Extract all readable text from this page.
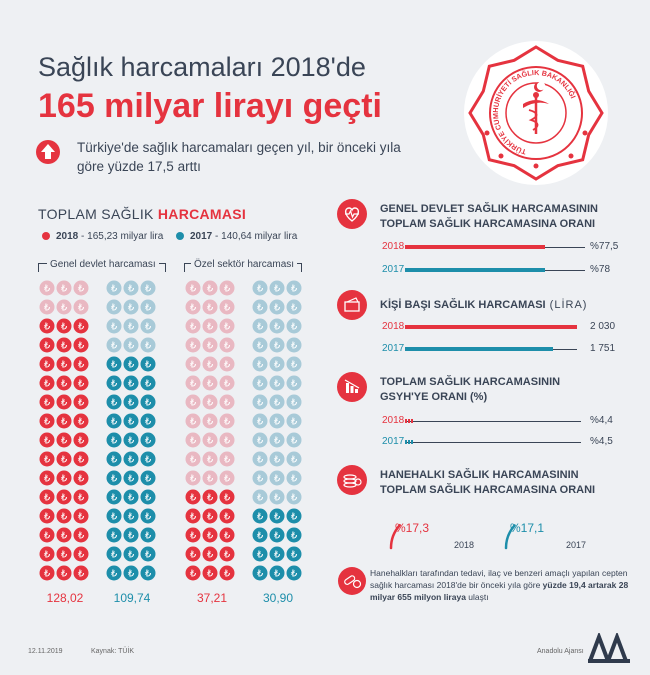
Sağlık harcamaları 2018'de
165 milyar lirayı geçti
Türkiye'de sağlık harcamaları geçen yıl, bir önceki yıla göre yüzde 17,5 arttı
TÜRKİYE CUMHURİYETİ SAĞLIK BAKANLIĞI
TOPLAM SAĞLIK HARCAMASI
2018 - 165,23 milyar lira	2017 - 140,64 milyar lira
Genel devlet harcaması	Özel sektör harcaması
₺ ₺ ₺
₺ ₺ ₺
₺ ₺ ₺
₺ ₺ ₺
₺ ₺ ₺
₺ ₺ ₺
₺ ₺ ₺
₺ ₺ ₺
₺ ₺ ₺
₺ ₺ ₺
₺ ₺ ₺
₺ ₺ ₺
₺ ₺ ₺
₺ ₺ ₺
₺ ₺ ₺
₺ ₺ ₺
₺ ₺ ₺
₺ ₺ ₺
₺ ₺ ₺
₺ ₺ ₺
₺ ₺ ₺
₺ ₺ ₺
₺ ₺ ₺
₺ ₺ ₺
₺ ₺ ₺
₺ ₺ ₺
₺ ₺ ₺
₺ ₺ ₺
₺ ₺ ₺
₺ ₺ ₺
₺ ₺ ₺
₺ ₺ ₺
₺ ₺ ₺
₺ ₺ ₺
₺ ₺ ₺
₺ ₺ ₺
₺ ₺ ₺
₺ ₺ ₺
₺ ₺ ₺
₺ ₺ ₺
₺ ₺ ₺
₺ ₺ ₺
₺ ₺ ₺
₺ ₺ ₺
₺ ₺ ₺
₺ ₺ ₺
₺ ₺ ₺
₺ ₺ ₺
₺ ₺ ₺
₺ ₺ ₺
₺ ₺ ₺
₺ ₺ ₺
₺ ₺ ₺
₺ ₺ ₺
₺ ₺ ₺
₺ ₺ ₺
₺ ₺ ₺
₺ ₺ ₺
₺ ₺ ₺
₺ ₺ ₺
₺ ₺ ₺
₺ ₺ ₺
₺ ₺ ₺
₺ ₺ ₺
128,02	109,74	37,21	30,90
GENEL DEVLET SAĞLIK HARCAMASININ
TOPLAM SAĞLIK HARCAMASINA ORANI
2018	%77,5
2017	%78
KİŞİ BAŞI SAĞLIK HARCAMASI (LİRA)
2018	2 030
2017	1 751
TOPLAM SAĞLIK HARCAMASININ
GSYH'YE ORANI (%)
2018	%4,4
2017	%4,5
HANEHALKI SAĞLIK HARCAMASININ
TOPLAM SAĞLIK HARCAMASINA ORANI
%17,3
2018
%17,1
2017
Hanehalkları tarafından tedavi, ilaç ve benzeri amaçlı yapılan cepten sağlık harcaması 2018'de bir önceki yıla göre yüzde 19,4 artarak 28 milyar 655 milyon liraya ulaştı
12.11.2019	Kaynak: TÜİK	Anadolu Ajansı
